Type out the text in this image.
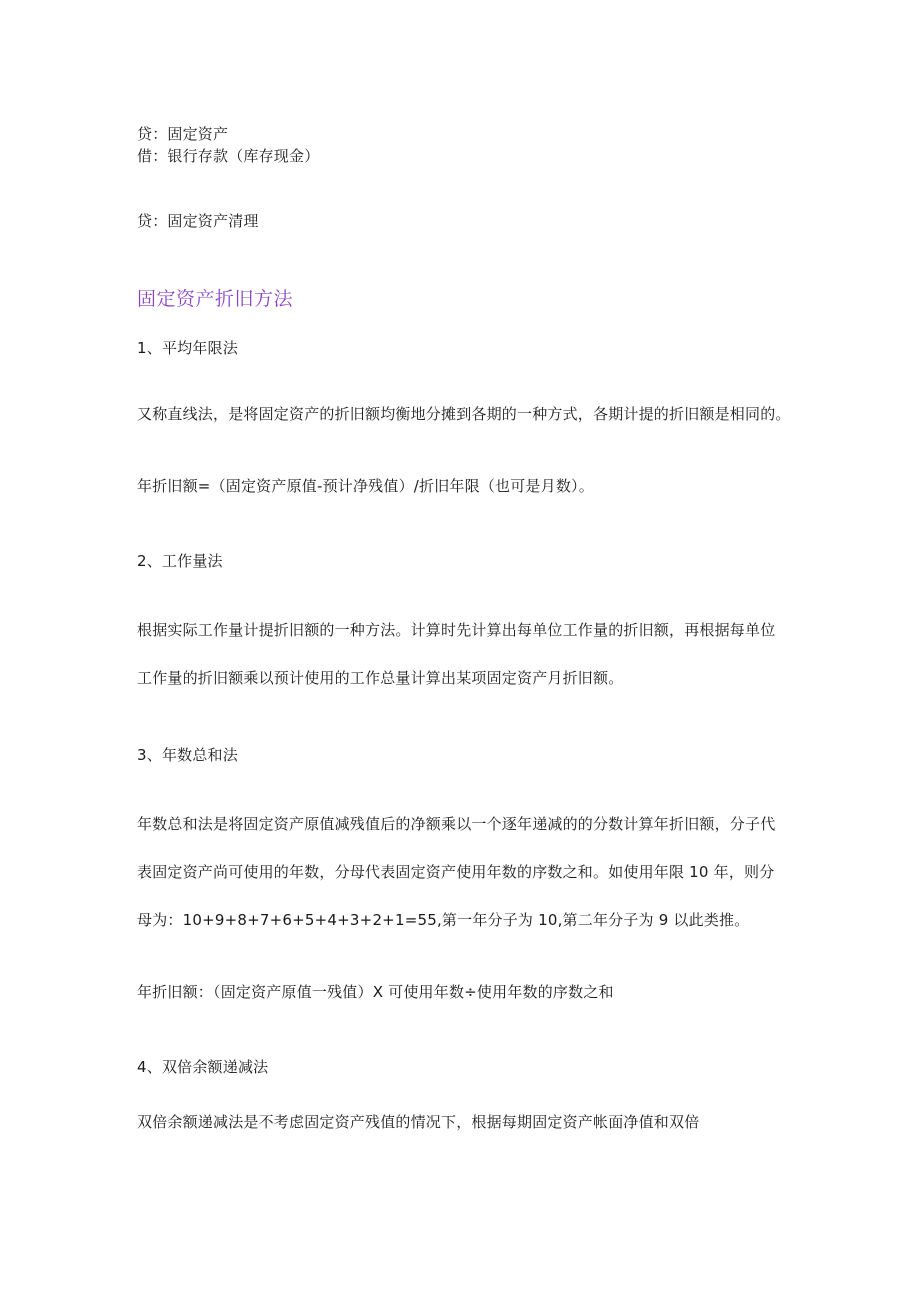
贷：固定资产
借：银行存款（库存现金）
贷：固定资产清理
固定资产折旧方法
1、平均年限法
又称直线法，是将固定资产的折旧额均衡地分摊到各期的一种方式，各期计提的折旧额是相同的。
年折旧额=（固定资产原值-预计净残值）/折旧年限（也可是月数）。
2、工作量法
根据实际工作量计提折旧额的一种方法。计算时先计算出每单位工作量的折旧额，再根据每单位
工作量的折旧额乘以预计使用的工作总量计算出某项固定资产月折旧额。
3、年数总和法
年数总和法是将固定资产原值减残值后的净额乘以一个逐年递减的的分数计算年折旧额，分子代
表固定资产尚可使用的年数，分母代表固定资产使用年数的序数之和。如使用年限 10 年，则分
母为：10+9+8+7+6+5+4+3+2+1=55,第一年分子为 10,第二年分子为 9 以此类推。
年折旧额：（固定资产原值一残值）X 可使用年数÷使用年数的序数之和
4、双倍余额递减法
双倍余额递减法是不考虑固定资产残值的情况下，根据每期固定资产帐面净值和双倍
